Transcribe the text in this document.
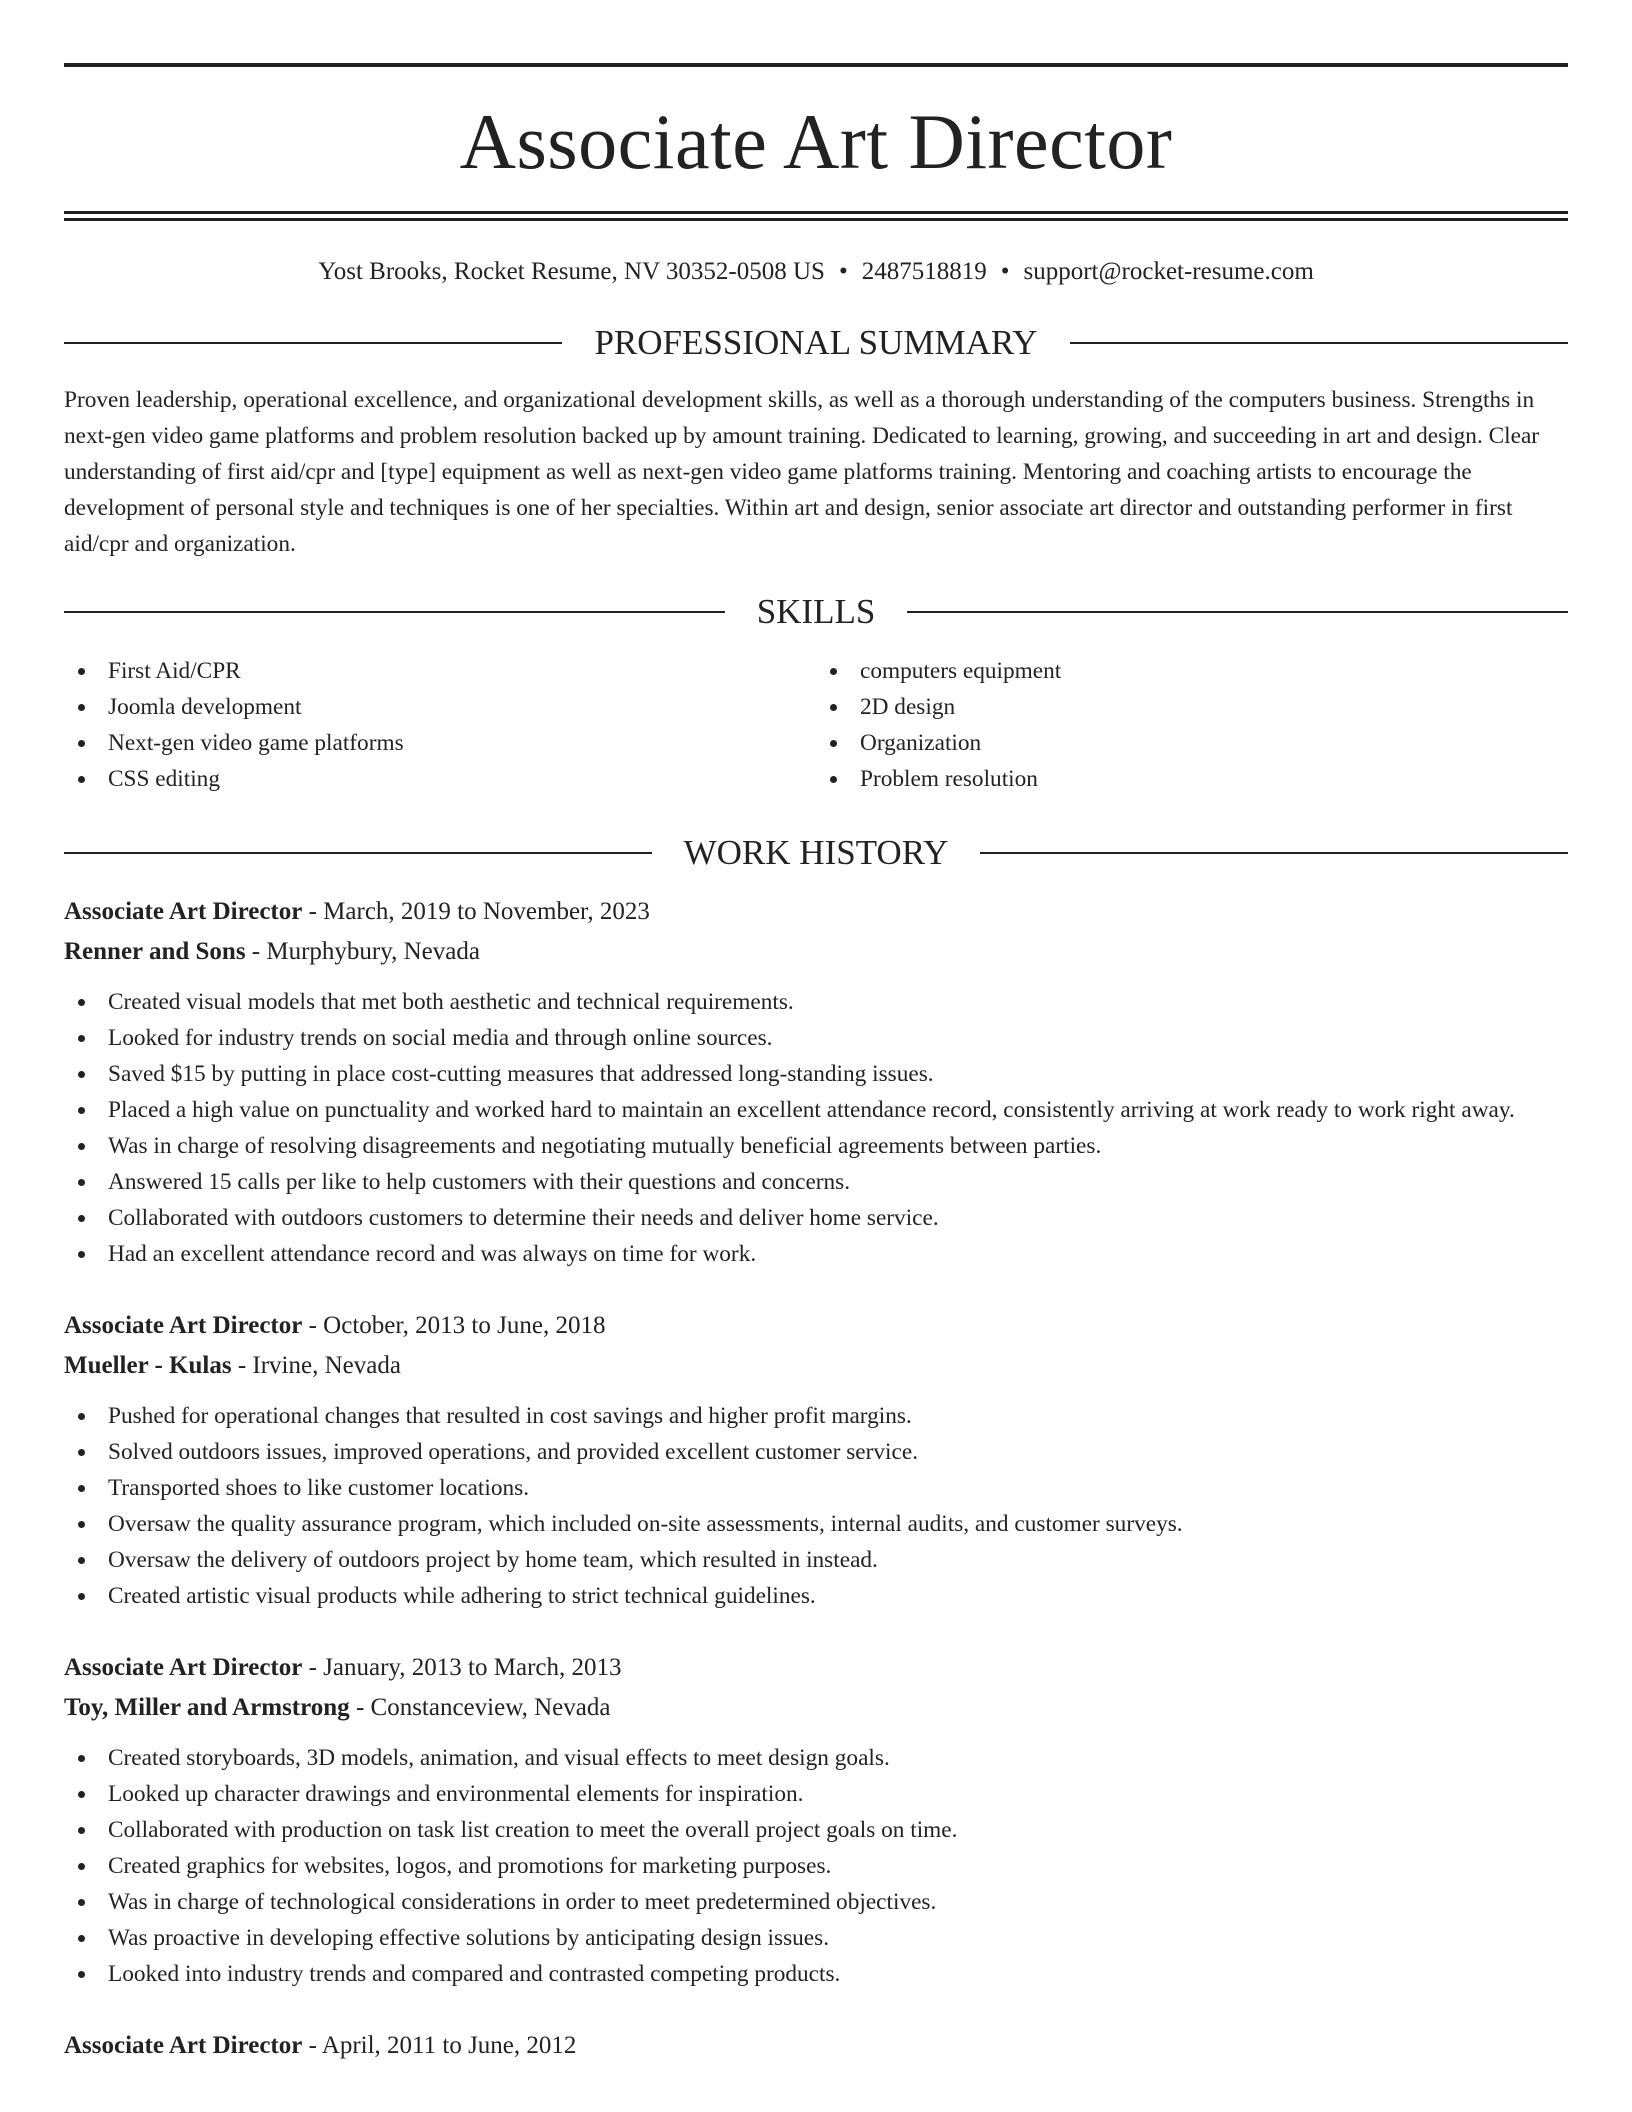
Associate Art Director
Yost Brooks, Rocket Resume, NV 30352-0508 US • 2487518819 • support@rocket-resume.com
PROFESSIONAL SUMMARY

Proven leadership, operational excellence, and organizational development skills, as well as a thorough understanding of the computers business. Strengths in next-gen video game platforms and problem resolution backed up by amount training. Dedicated to learning, growing, and succeeding in art and design. Clear understanding of first aid/cpr and [type] equipment as well as next-gen video game platforms training. Mentoring and coaching artists to encourage the development of personal style and techniques is one of her specialties. Within art and design, senior associate art director and outstanding performer in first aid/cpr and organization.

SKILLS
First Aid/CPR
Joomla development
Next-gen video game platforms
CSS editing
computers equipment
2D design
Organization
Problem resolution
WORK HISTORY
Associate Art Director - March, 2019 to November, 2023
Renner and Sons - Murphybury, Nevada
Created visual models that met both aesthetic and technical requirements.
Looked for industry trends on social media and through online sources.
Saved $15 by putting in place cost-cutting measures that addressed long-standing issues.
Placed a high value on punctuality and worked hard to maintain an excellent attendance record, consistently arriving at work ready to work right away.
Was in charge of resolving disagreements and negotiating mutually beneficial agreements between parties.
Answered 15 calls per like to help customers with their questions and concerns.
Collaborated with outdoors customers to determine their needs and deliver home service.
Had an excellent attendance record and was always on time for work.
Associate Art Director - October, 2013 to June, 2018
Mueller - Kulas - Irvine, Nevada
Pushed for operational changes that resulted in cost savings and higher profit margins.
Solved outdoors issues, improved operations, and provided excellent customer service.
Transported shoes to like customer locations.
Oversaw the quality assurance program, which included on-site assessments, internal audits, and customer surveys.
Oversaw the delivery of outdoors project by home team, which resulted in instead.
Created artistic visual products while adhering to strict technical guidelines.
Associate Art Director - January, 2013 to March, 2013
Toy, Miller and Armstrong - Constanceview, Nevada
Created storyboards, 3D models, animation, and visual effects to meet design goals.
Looked up character drawings and environmental elements for inspiration.
Collaborated with production on task list creation to meet the overall project goals on time.
Created graphics for websites, logos, and promotions for marketing purposes.
Was in charge of technological considerations in order to meet predetermined objectives.
Was proactive in developing effective solutions by anticipating design issues.
Looked into industry trends and compared and contrasted competing products.
Associate Art Director - April, 2011 to June, 2012
